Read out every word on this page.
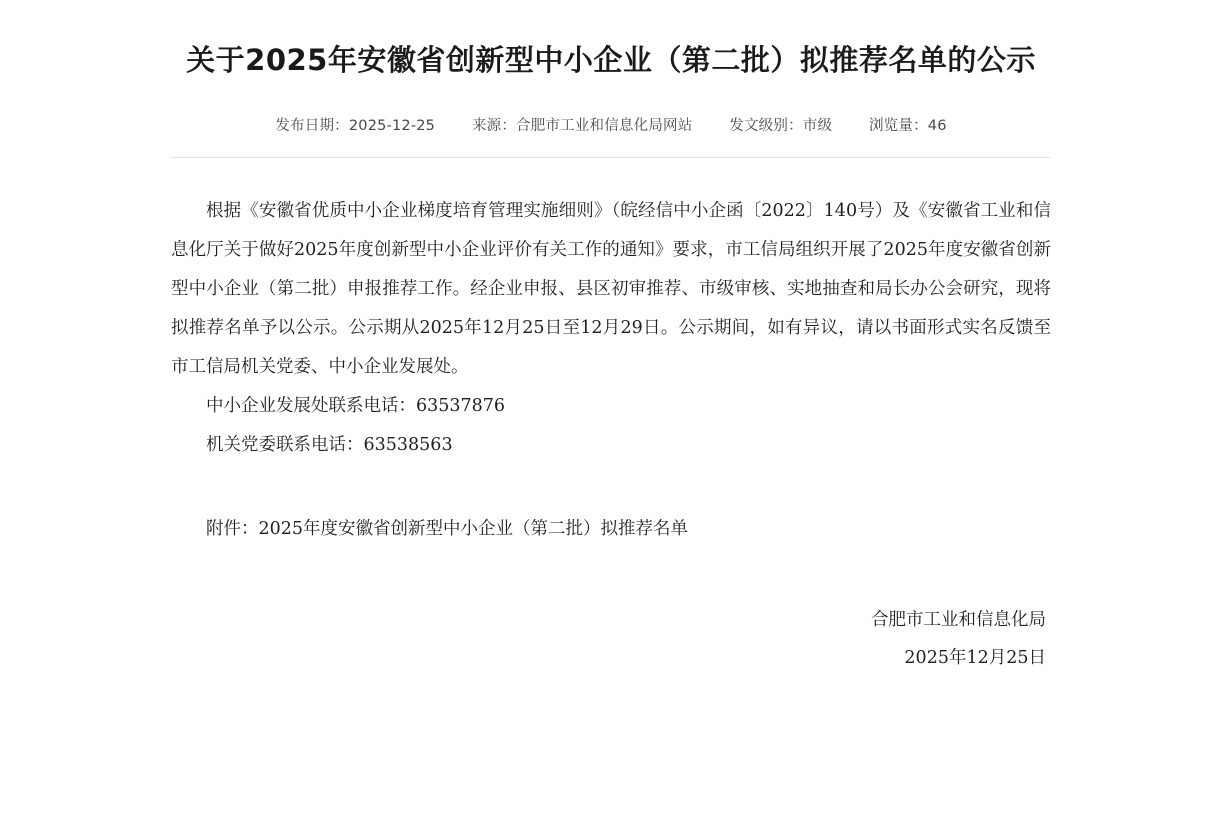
关于2025年安徽省创新型中小企业（第二批）拟推荐名单的公示
发布日期：2025-12-25	来源：合肥市工业和信息化局网站	发文级别：市级	浏览量：46

根据《安徽省优质中小企业梯度培育管理实施细则》（皖经信中小企函〔2022〕140号）及《安徽省工业和信息化厅关于做好2025年度创新型中小企业评价有关工作的通知》要求，市工信局组织开展了2025年度安徽省创新型中小企业（第二批）申报推荐工作。经企业申报、县区初审推荐、市级审核、实地抽查和局长办公会研究，现将拟推荐名单予以公示。公示期从2025年12月25日至12月29日。公示期间，如有异议，请以书面形式实名反馈至市工信局机关党委、中小企业发展处。

中小企业发展处联系电话：63537876

机关党委联系电话：63538563

附件：2025年度安徽省创新型中小企业（第二批）拟推荐名单

合肥市工业和信息化局
2025年12月25日
